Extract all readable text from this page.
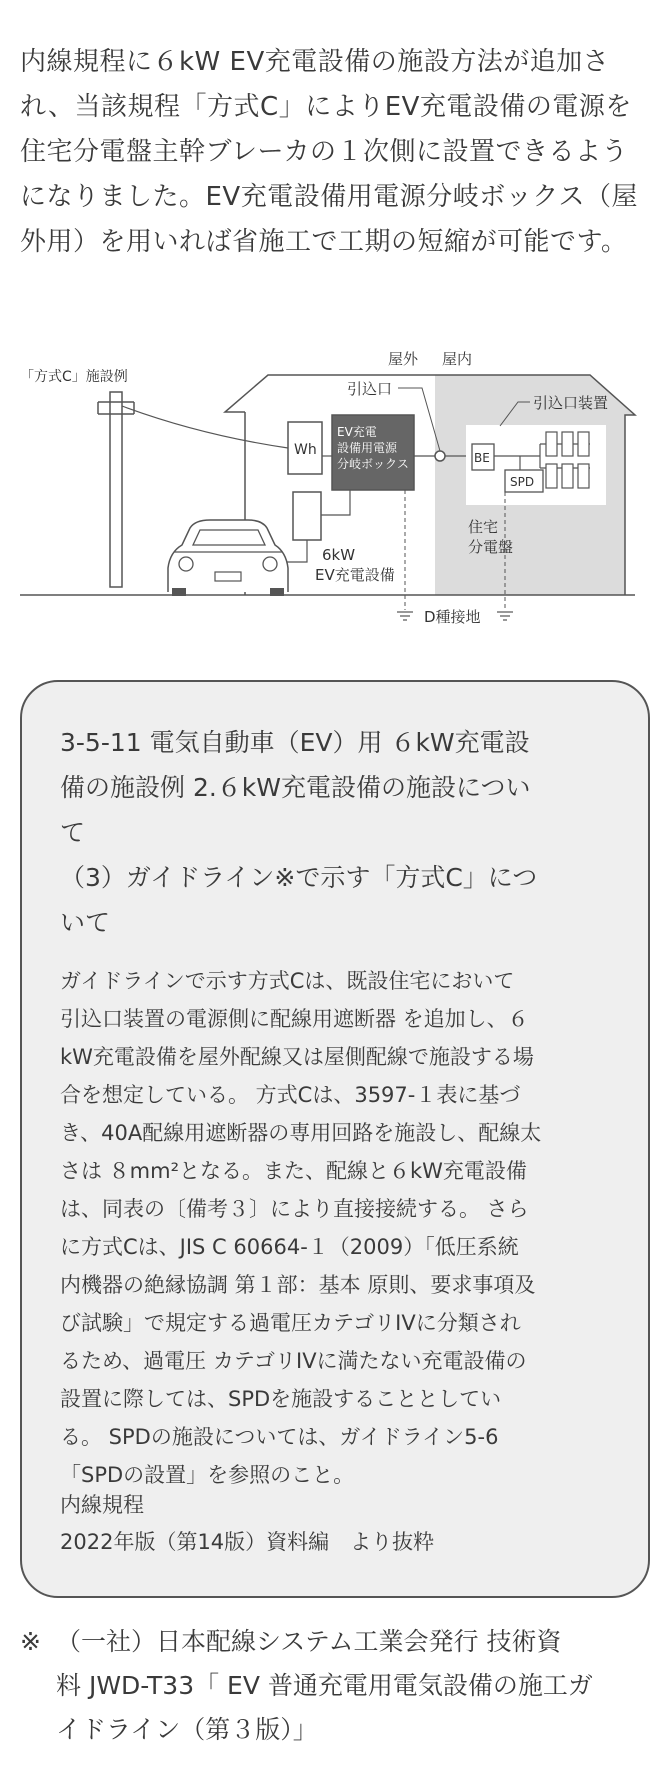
内線規程に６kW EV充電設備の施設方法が追加され、当該規程「方式C」によりEV充電設備の電源を住宅分電盤主幹ブレーカの１次側に設置できるようになりました。EV充電設備用電源分岐ボックス（屋外用）を用いれば省施工で工期の短縮が可能です。

「方式C」施設例
屋外 屋内
Wh
EV充電
設備用電源
分岐ボックス
引込口
BE
SPD
引込口装置
住宅
分電盤
6kW
EV充電設備
D種接地

3-5-11 電気自動車（EV）用 ６kW充電設
備の施設例 2.６kW充電設備の施設につい
て
（3）ガイドライン※で示す「方式C」につ
いて

ガイドラインで示す方式Cは、既設住宅において
引込口装置の電源側に配線用遮断器 を追加し、６
kW充電設備を屋外配線又は屋側配線で施設する場
合を想定している。 方式Cは、3597-１表に基づ
き、40A配線用遮断器の専用回路を施設し、配線太
さは ８mm²となる。また、配線と６kW充電設備
は、同表の〔備考３〕により直接接続する。 さら
に方式Cは、JIS C 60664-１（2009）「低圧系統
内機器の絶縁協調 第１部：基本 原則、要求事項及
び試験」で規定する過電圧カテゴリIVに分類され
るため、過電圧 カテゴリIVに満たない充電設備の
設置に際しては、SPDを施設することとしてい
る。 SPDの施設については、ガイドライン5-6
「SPDの設置」を参照のこと。

内線規程
2022年版（第14版）資料編　より抜粋

※ （一社）日本配線システム工業会発行 技術資
料 JWD-T33「 EV 普通充電用電気設備の施工ガ
イドライン（第３版）」
